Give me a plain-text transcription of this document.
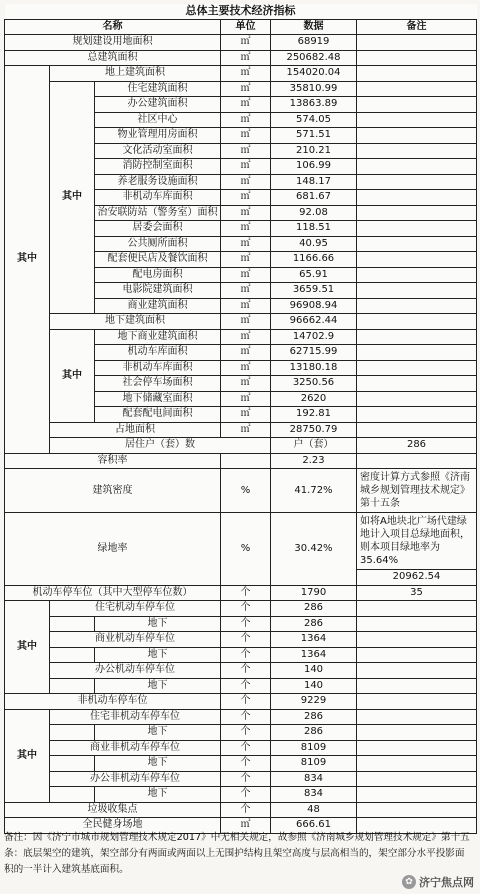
总体主要技术经济指标						
名称			单位	数据	备注	
规划建设用地面积			㎡	68919		
总建筑面积			㎡	250682.48		
其中	地上建筑面积		㎡	154020.04		
	其中	住宅建筑面积	㎡	35810.99		
		办公建筑面积	㎡	13863.89		
		社区中心	㎡	574.05		
		物业管理用房面积	㎡	571.51		
		文化活动室面积	㎡	210.21		
		消防控制室面积	㎡	106.99		
		养老服务设施面积	㎡	148.17		
		非机动车库面积	㎡	681.67		
		治安联防站（警务室）面积	㎡	92.08		
		居委会面积	㎡	118.51		
		公共厕所面积	㎡	40.95		
		配套便民店及餐饮面积	㎡	1166.66		
		配电房面积	㎡	65.91		
		电影院建筑面积	㎡	3659.51		
		商业建筑面积	㎡	96908.94		
	地下建筑面积		㎡	96662.44		
	其中	地下商业建筑面积	㎡	14702.9		
		机动车库面积	㎡	62715.99		
		非机动车库面积	㎡	13180.18		
		社会停车场面积	㎡	3250.56		
		地下储藏室面积	㎡	2620		
		配套配电间面积	㎡	192.81		
	占地面积		㎡	28750.79		
	居住户（套）数			户（套）	286	
容积率				2.23		
建筑密度			%	41.72%	密度计算方式参照《济南城乡规划管理技术规定》第十五条	
绿地率			%	30.42%	如将A地块北广场代建绿地计入项目总绿地面积，则本项目绿地率为35.64%	
					20962.54	
机动车停车位（其中大型停车位数）			个	1790	35	
其中	住宅机动车停车位		个	286		
		地下	个	286		
	商业机动车停车位		个	1364		
		地下	个	1364		
	办公机动车停车位		个	140		
		地下	个	140		
非机动车停车位			个	9229		
其中	住宅非机动车停车位		个	286		
		地下	个	286		
	商业非机动车停车位		个	8109		
		地下	个	8109		
	办公非机动车停车位		个	834		
		地下	个	834		
垃圾收集点			个	48		
全民健身场地			㎡	666.61		
备注：因《济宁市城市规划管理技术规定2017》中无相关规定，故参照《济南城乡规划管理技术规定》第十五条：底层架空的建筑，架空部分有两面或两面以上无围护结构且架空高度与层高相当的，架空部分水平投影面积的一半计入建筑基底面积。
✿ 济宁焦点网
